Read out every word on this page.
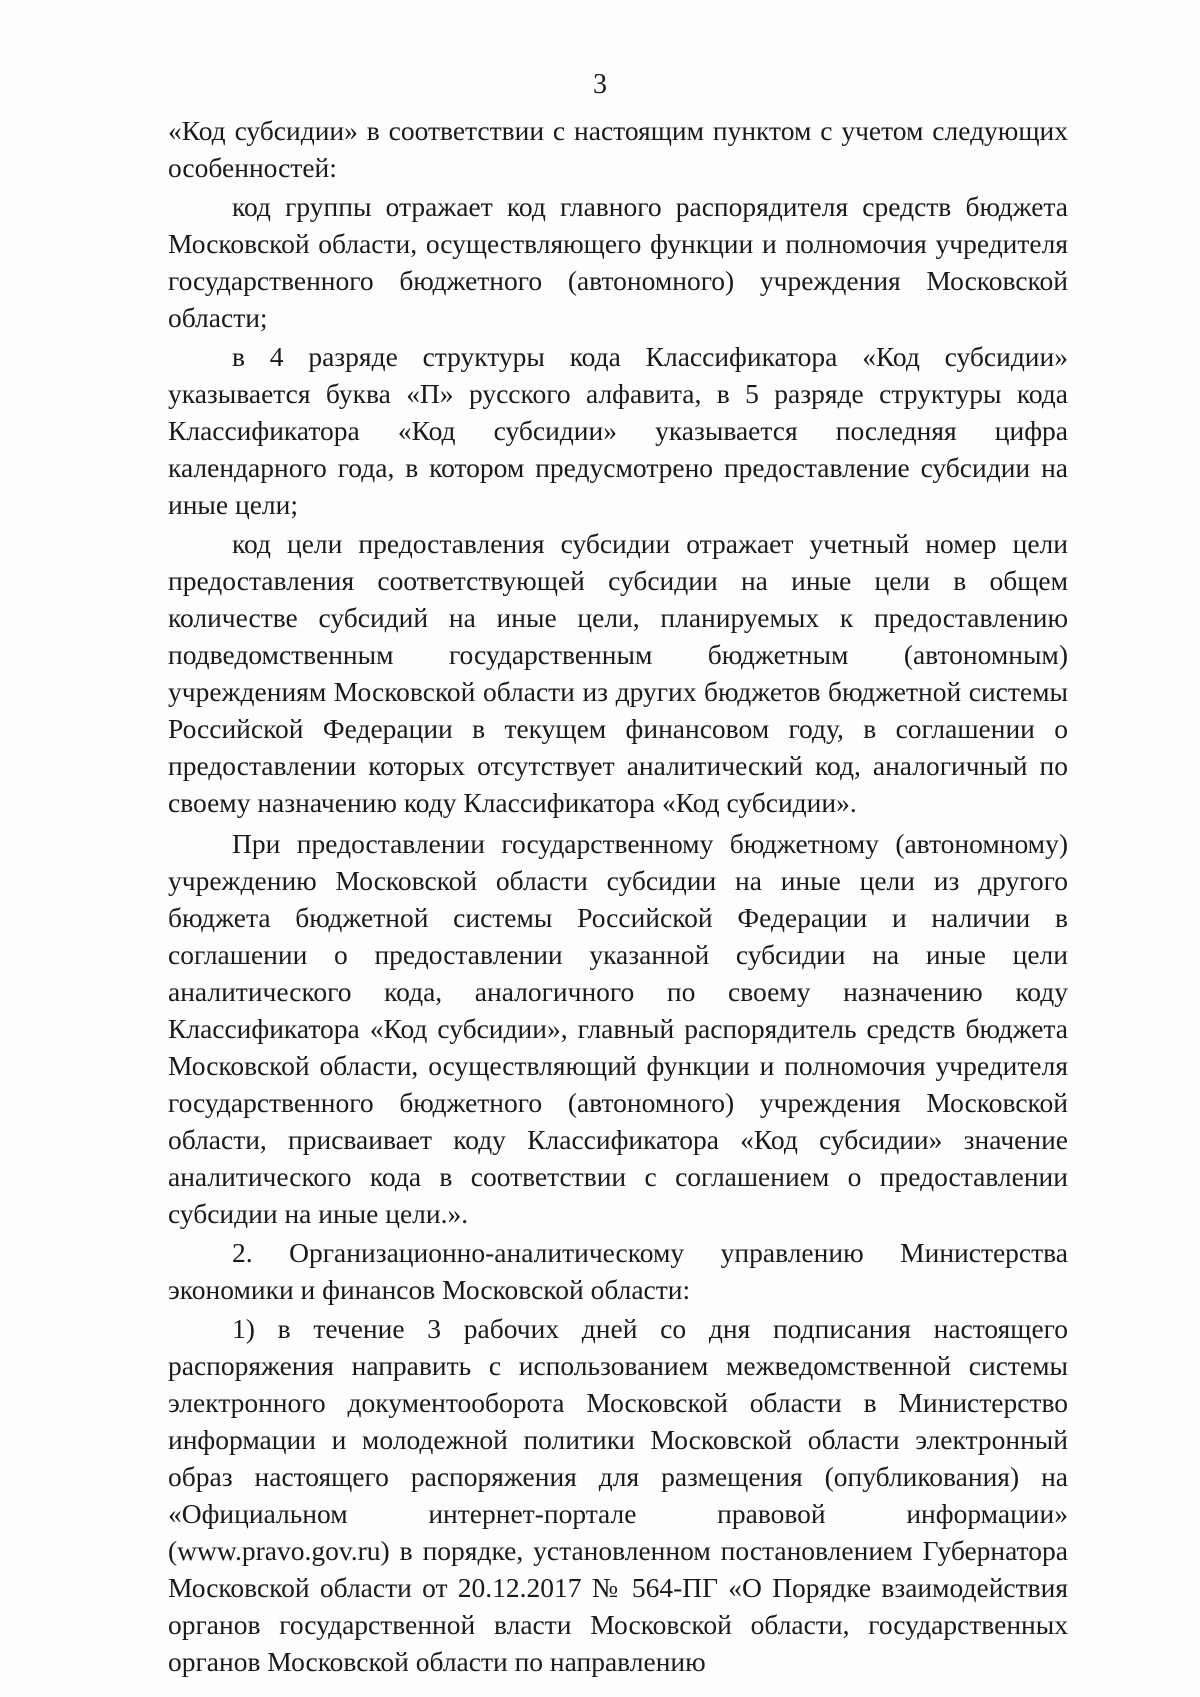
3

«Код субсидии» в соответствии с настоящим пунктом с учетом следующих особенностей:

код группы отражает код главного распорядителя средств бюджета Московской области, осуществляющего функции и полномочия учредителя государственного бюджетного (автономного) учреждения Московской области;

в 4 разряде структуры кода Классификатора «Код субсидии» указывается буква «П» русского алфавита, в 5 разряде структуры кода Классификатора «Код субсидии» указывается последняя цифра календарного года, в котором предусмотрено предоставление субсидии на иные цели;

код цели предоставления субсидии отражает учетный номер цели предоставления соответствующей субсидии на иные цели в общем количестве субсидий на иные цели, планируемых к предоставлению подведомственным государственным бюджетным (автономным) учреждениям Московской области из других бюджетов бюджетной системы Российской Федерации в текущем финансовом году, в соглашении о предоставлении которых отсутствует аналитический код, аналогичный по своему назначению коду Классификатора «Код субсидии».

При предоставлении государственному бюджетному (автономному) учреждению Московской области субсидии на иные цели из другого бюджета бюджетной системы Российской Федерации и наличии в соглашении о предоставлении указанной субсидии на иные цели аналитического кода, аналогичного по своему назначению коду Классификатора «Код субсидии», главный распорядитель средств бюджета Московской области, осуществляющий функции и полномочия учредителя государственного бюджетного (автономного) учреждения Московской области, присваивает коду Классификатора «Код субсидии» значение аналитического кода в соответствии с соглашением о предоставлении субсидии на иные цели.».

2. Организационно-аналитическому управлению Министерства экономики и финансов Московской области:

1) в течение 3 рабочих дней со дня подписания настоящего распоряжения направить с использованием межведомственной системы электронного документооборота Московской области в Министерство информации и молодежной политики Московской области электронный образ настоящего распоряжения для размещения (опубликования) на «Официальном интернет-портале правовой информации» (www.pravo.gov.ru) в порядке, установленном постановлением Губернатора Московской области от 20.12.2017 № 564-ПГ «О Порядке взаимодействия органов государственной власти Московской области, государственных органов Московской области по направлению
